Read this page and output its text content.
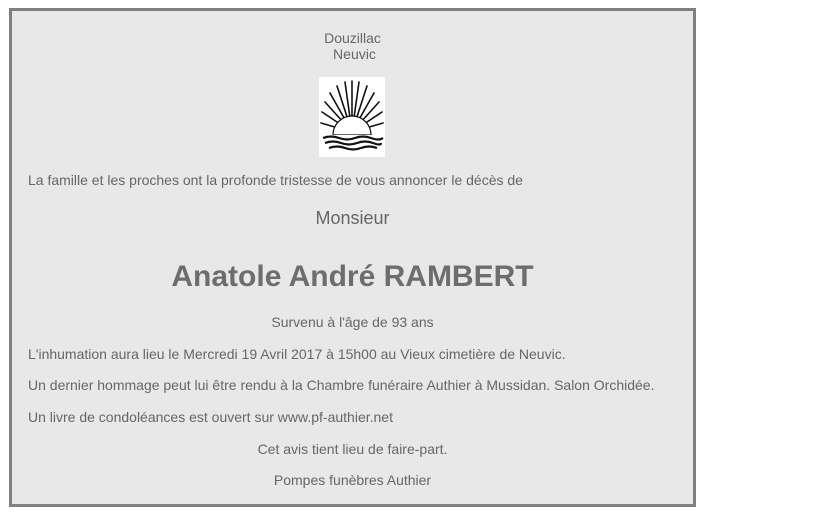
Douzillac
Neuvic
La famille et les proches ont la profonde tristesse de vous annoncer le décès de
Monsieur
Anatole André RAMBERT
Survenu à l'âge de 93 ans
L'inhumation aura lieu le Mercredi 19 Avril 2017 à 15h00 au Vieux cimetière de Neuvic.
Un dernier hommage peut lui être rendu à la Chambre funéraire Authier à Mussidan. Salon Orchidée.
Un livre de condoléances est ouvert sur www.pf-authier.net
Cet avis tient lieu de faire-part.
Pompes funèbres Authier
